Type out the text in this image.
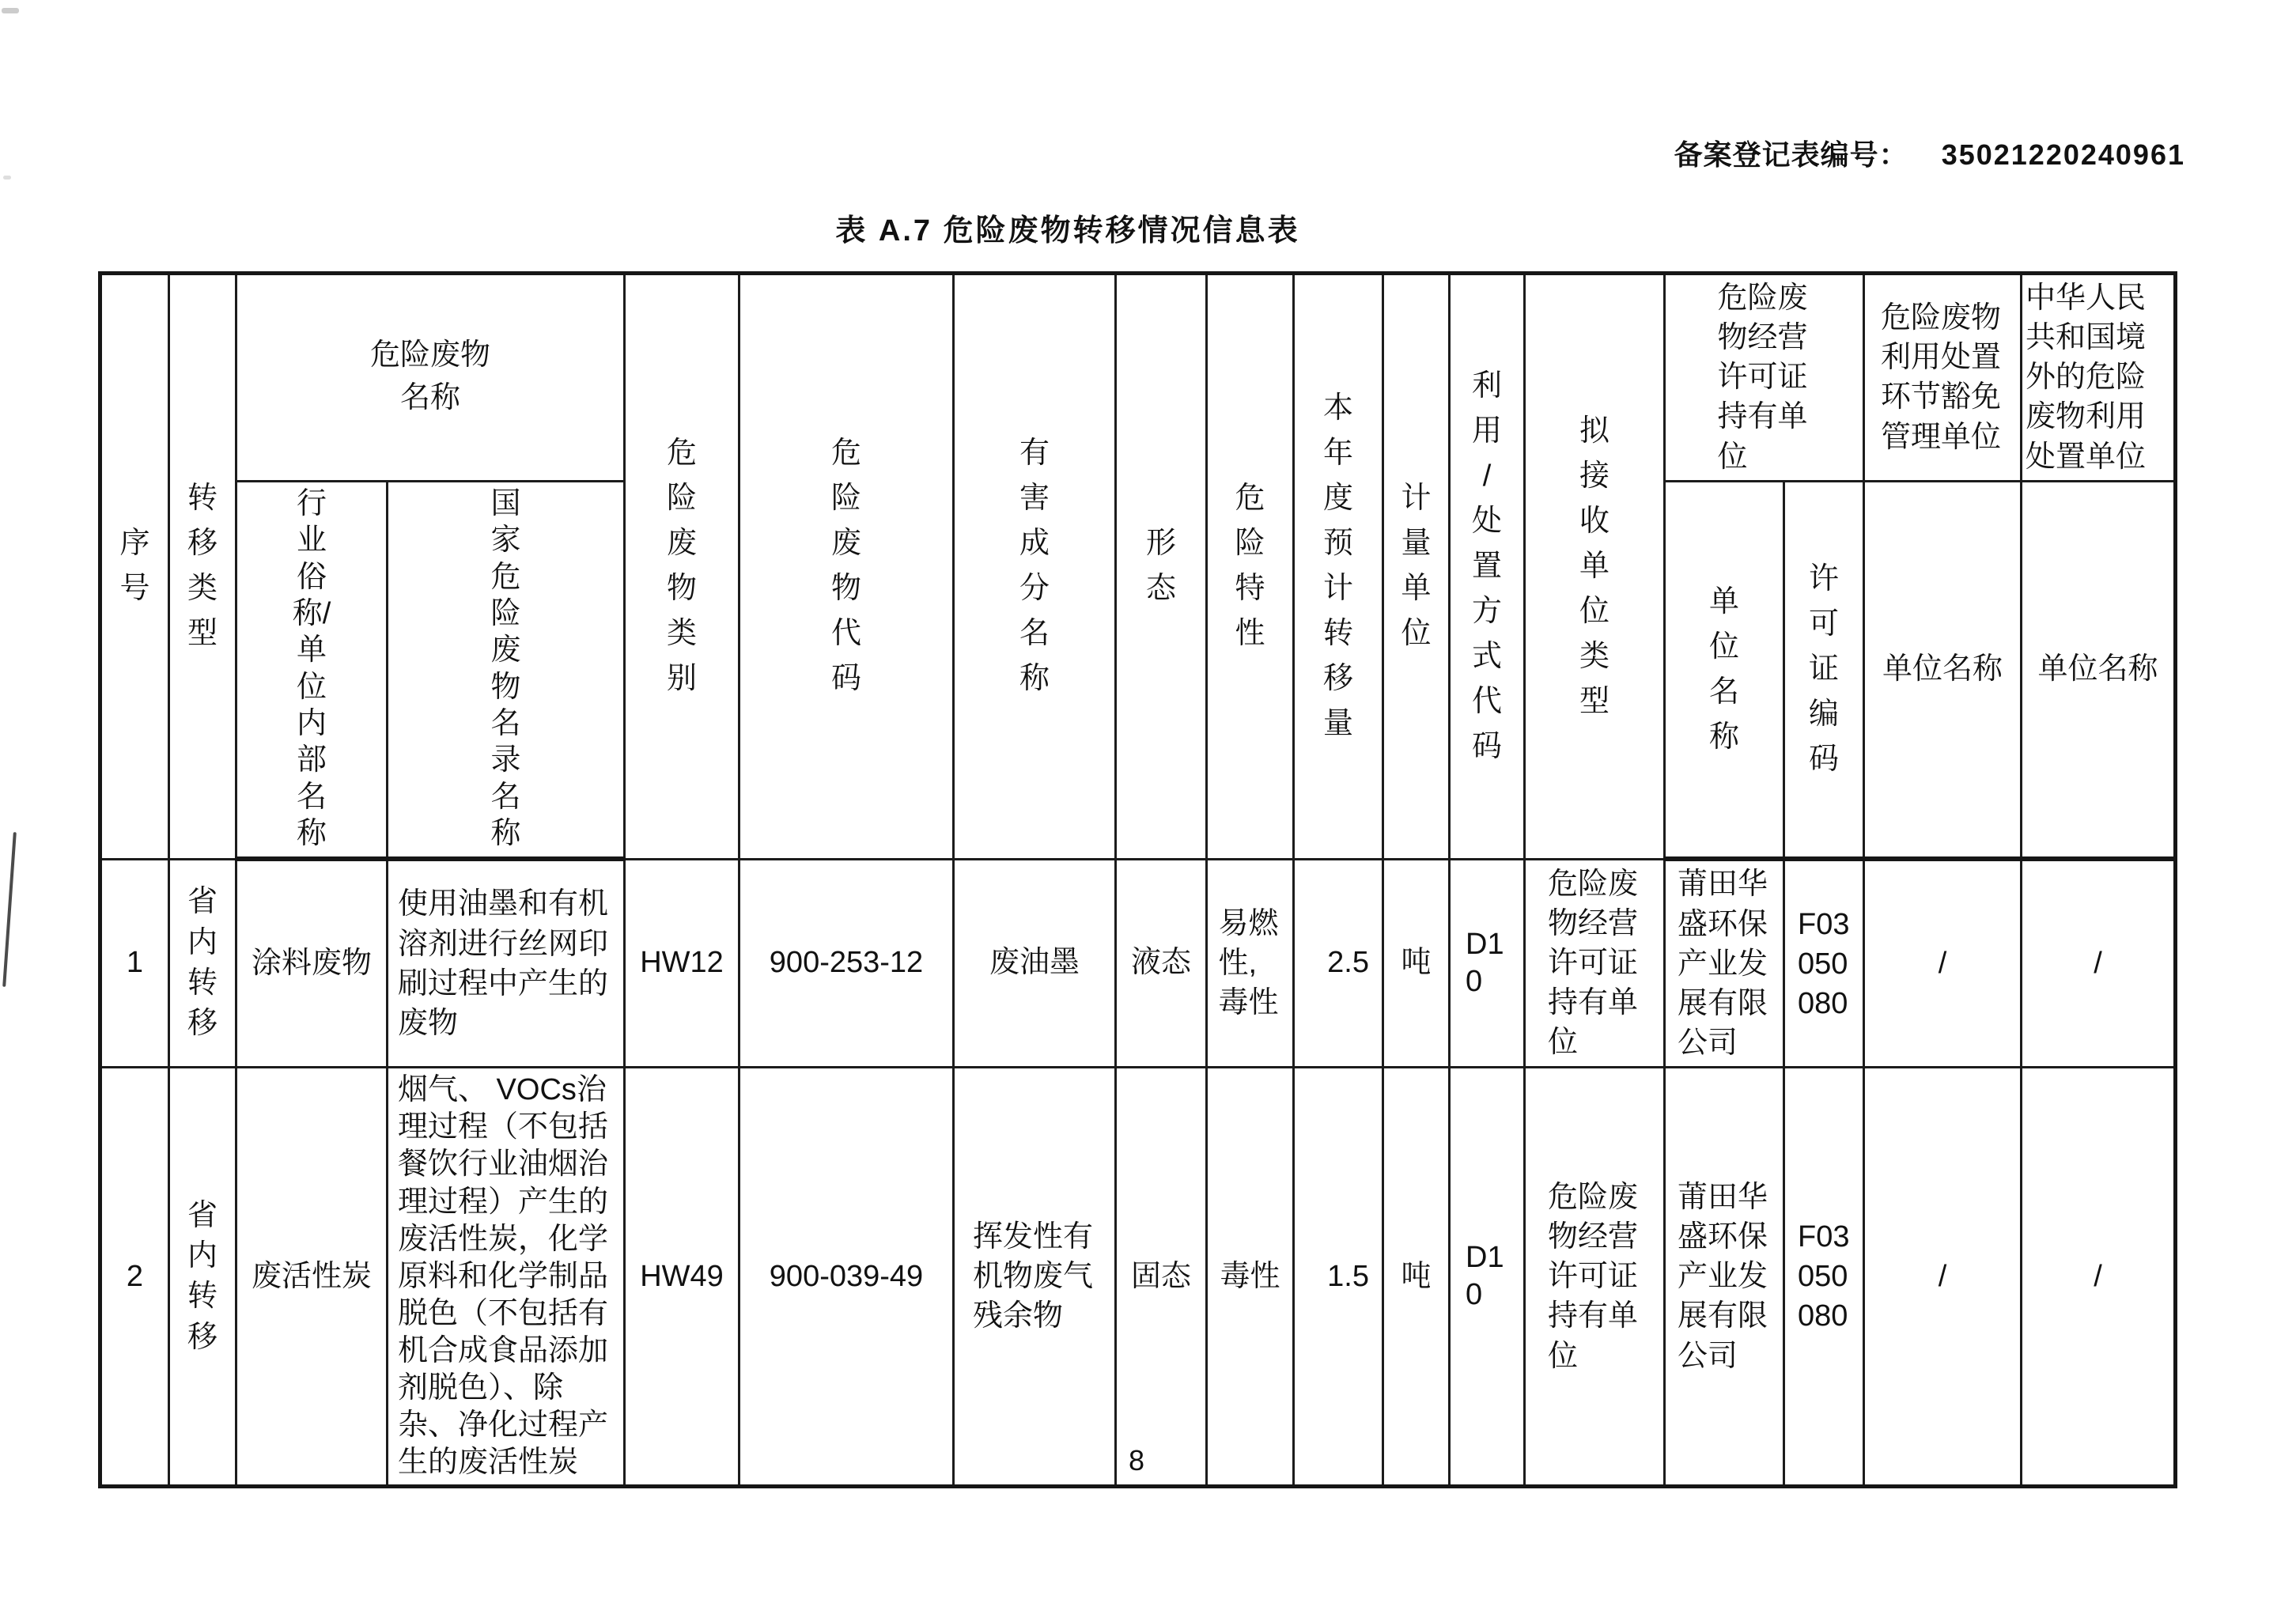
备案登记表编号： 35021220240961
表 A.7 危险废物转移情况信息表
序号	转移类型	危险废物名称		危险废物类别	危险废物代码	有害成分名称	形态	危险特性	本年度预计转移量	计量单位	利用/处置方式代码	拟接收单位类型	危险废物经营许可证持有单位		危险废物利用处置环节豁免管理单位	中华人民共和国境外的危险废物利用处置单位

		行业俗称/单位内部名称	国家危险废物名录名称										单位名称	许可证编码	单位名称	单位名称
1	省内转移	涂料废物	使用油墨和有机溶剂进行丝网印刷过程中产生的废物	HW12	900-253-12	废油墨	液态	易燃性,毒性	2.5	吨	D10	危险废物经营许可证持有单位	莆田华盛环保产业发展有限公司	F03050080	/	/
2	省内转移	废活性炭	烟气、 VOCs治理过程（不包括餐饮行业油烟治理过程）产生的废活性炭，化学原料和化学制品脱色（不包括有机合成食品添加剂脱色）、除杂、净化过程产生的废活性炭	HW49	900-039-49	挥发性有机物废气残余物	固态	毒性	1.5	吨	D10	危险废物经营许可证持有单位	莆田华盛环保产业发展有限公司	F03050080	/	/
8
